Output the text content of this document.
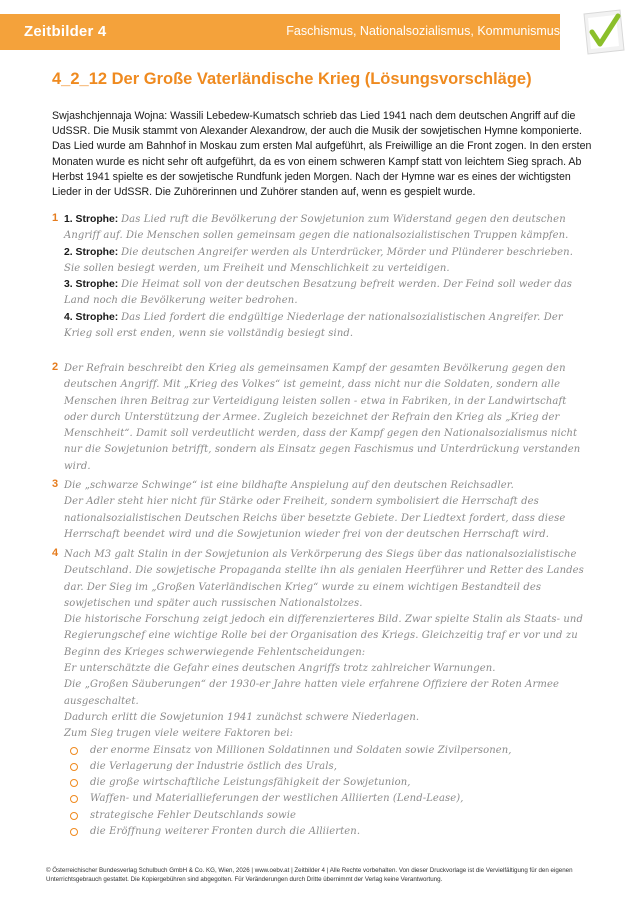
Zeitbilder 4	Faschismus, Nationalsozialismus, Kommunismus
4_2_12 Der Große Vaterländische Krieg (Lösungsvorschläge)

Swjashchjennaja Wojna: Wassili Lebedew-Kumatsch schrieb das Lied 1941 nach dem deutschen Angriff auf die UdSSR. Die Musik stammt von Alexander Alexandrow, der auch die Musik der sowjetischen Hymne komponierte. Das Lied wurde am Bahnhof in Moskau zum ersten Mal aufgeführt, als Freiwillige an die Front zogen. In den ersten Monaten wurde es nicht sehr oft aufgeführt, da es von einem schweren Kampf statt von leichtem Sieg sprach. Ab Herbst 1941 spielte es der sowjetische Rundfunk jeden Morgen. Nach der Hymne war es eines der wichtigsten Lieder in der UdSSR. Die Zuhörerinnen und Zuhörer standen auf, wenn es gespielt wurde.

1 1. Strophe: Das Lied ruft die Bevölkerung der Sowjetunion zum Widerstand gegen den deutschen Angriff auf. Die Menschen sollen gemeinsam gegen die nationalsozialistischen Truppen kämpfen.

2. Strophe: Die deutschen Angreifer werden als Unterdrücker, Mörder und Plünderer beschrieben. Sie sollen besiegt werden, um Freiheit und Menschlichkeit zu verteidigen.

3. Strophe: Die Heimat soll von der deutschen Besatzung befreit werden. Der Feind soll weder das Land noch die Bevölkerung weiter bedrohen.

4. Strophe: Das Lied fordert die endgültige Niederlage der nationalsozialistischen Angreifer. Der Krieg soll erst enden, wenn sie vollständig besiegt sind.

2 Der Refrain beschreibt den Krieg als gemeinsamen Kampf der gesamten Bevölkerung gegen den deutschen Angriff. Mit „Krieg des Volkes“ ist gemeint, dass nicht nur die Soldaten, sondern alle Menschen ihren Beitrag zur Verteidigung leisten sollen - etwa in Fabriken, in der Landwirtschaft oder durch Unterstützung der Armee. Zugleich bezeichnet der Refrain den Krieg als „Krieg der Menschheit“. Damit soll verdeutlicht werden, dass der Kampf gegen den Nationalsozialismus nicht nur die Sowjetunion betrifft, sondern als Einsatz gegen Faschismus und Unterdrückung verstanden wird.

3 Die „schwarze Schwinge“ ist eine bildhafte Anspielung auf den deutschen Reichsadler.

Der Adler steht hier nicht für Stärke oder Freiheit, sondern symbolisiert die Herrschaft des nationalsozialistischen Deutschen Reichs über besetzte Gebiete. Der Liedtext fordert, dass diese Herrschaft beendet wird und die Sowjetunion wieder frei von der deutschen Herrschaft wird.

4 Nach M3 galt Stalin in der Sowjetunion als Verkörperung des Siegs über das nationalsozialistische Deutschland. Die sowjetische Propaganda stellte ihn als genialen Heerführer und Retter des Landes dar. Der Sieg im „Großen Vaterländischen Krieg“ wurde zu einem wichtigen Bestandteil des sowjetischen und später auch russischen Nationalstolzes.

Die historische Forschung zeigt jedoch ein differenzierteres Bild. Zwar spielte Stalin als Staats- und Regierungschef eine wichtige Rolle bei der Organisation des Kriegs. Gleichzeitig traf er vor und zu Beginn des Krieges schwerwiegende Fehlentscheidungen:

Er unterschätzte die Gefahr eines deutschen Angriffs trotz zahlreicher Warnungen.

Die „Großen Säuberungen“ der 1930-er Jahre hatten viele erfahrene Offiziere der Roten Armee ausgeschaltet.

Dadurch erlitt die Sowjetunion 1941 zunächst schwere Niederlagen.

Zum Sieg trugen viele weitere Faktoren bei:

der enorme Einsatz von Millionen Soldatinnen und Soldaten sowie Zivilpersonen,
die Verlagerung der Industrie östlich des Urals,
die große wirtschaftliche Leistungsfähigkeit der Sowjetunion,
Waffen- und Materiallieferungen der westlichen Alliierten (Lend-Lease),
strategische Fehler Deutschlands sowie
die Eröffnung weiterer Fronten durch die Alliierten.
© Österreichischer Bundesverlag Schulbuch GmbH & Co. KG, Wien, 2026 | www.oebv.at | Zeitbilder 4 | Alle Rechte vorbehalten. Von dieser Druckvorlage ist die Vervielfältigung für den eigenen Unterrichtsgebrauch gestattet. Die Kopiergebühren sind abgegolten. Für Veränderungen durch Dritte übernimmt der Verlag keine Verantwortung.
